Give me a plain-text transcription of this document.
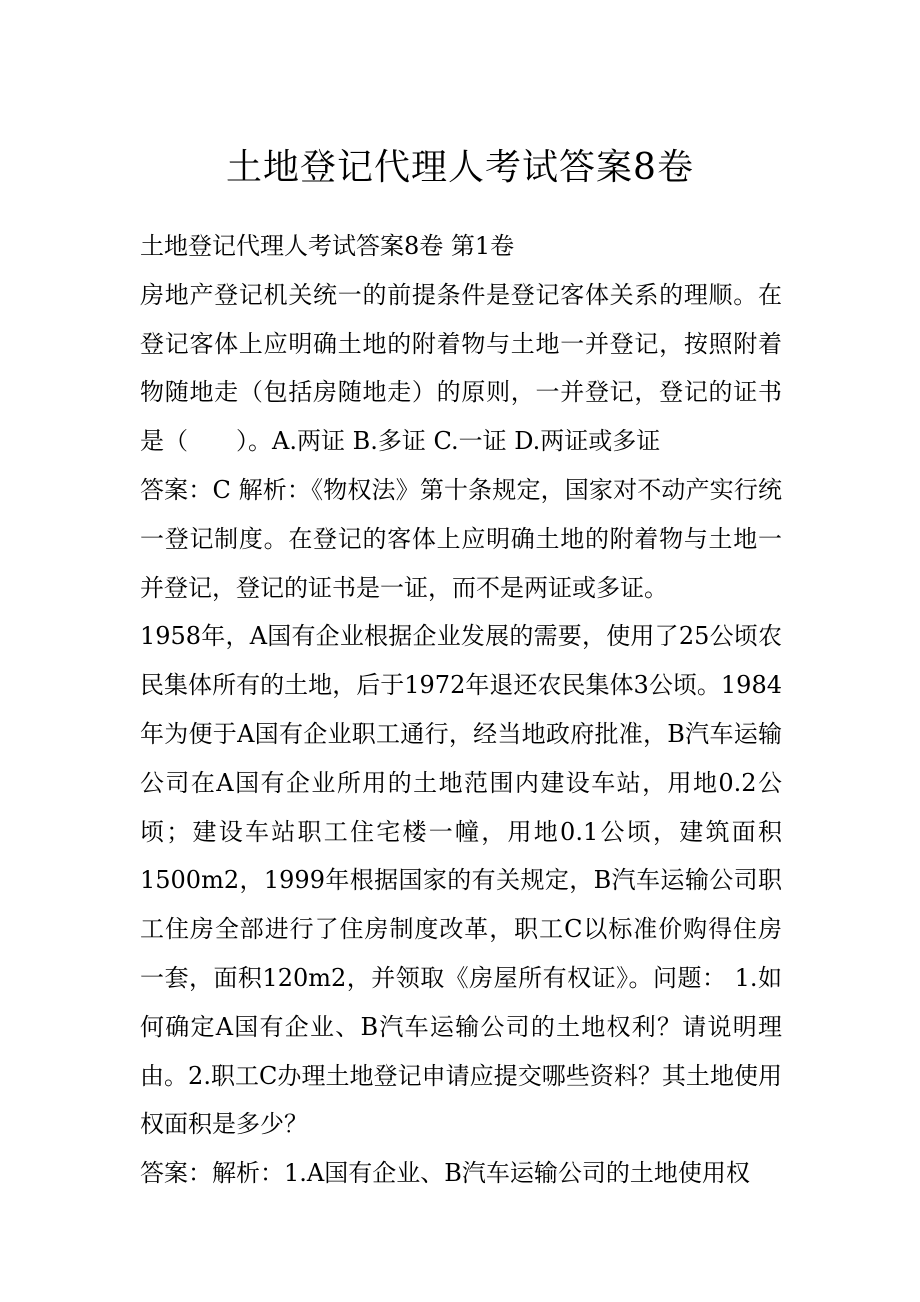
土地登记代理人考试答案8卷

土地登记代理人考试答案8卷 第1卷

房地产登记机关统一的前提条件是登记客体关系的理顺。在登记客体上应明确土地的附着物与土地一并登记，按照附着物随地走（包括房随地走）的原则，一并登记，登记的证书是（　　）。A.两证 B.多证 C.一证 D.两证或多证

答案：C 解析：《物权法》第十条规定，国家对不动产实行统一登记制度。在登记的客体上应明确土地的附着物与土地一并登记，登记的证书是一证，而不是两证或多证。

1958年，A国有企业根据企业发展的需要，使用了25公顷农民集体所有的土地，后于1972年退还农民集体3公顷。1984年为便于A国有企业职工通行，经当地政府批准，B汽车运输公司在A国有企业所用的土地范围内建设车站，用地0.2公顷；建设车站职工住宅楼一幢，用地0.1公顷，建筑面积1500m2，1999年根据国家的有关规定，B汽车运输公司职工住房全部进行了住房制度改革，职工C以标准价购得住房一套，面积120m2，并领取《房屋所有权证》。问题： 1.如何确定A国有企业、B汽车运输公司的土地权利？请说明理由。2.职工C办理土地登记申请应提交哪些资料？其土地使用权面积是多少？

答案：解析：1.A国有企业、B汽车运输公司的土地使用权
